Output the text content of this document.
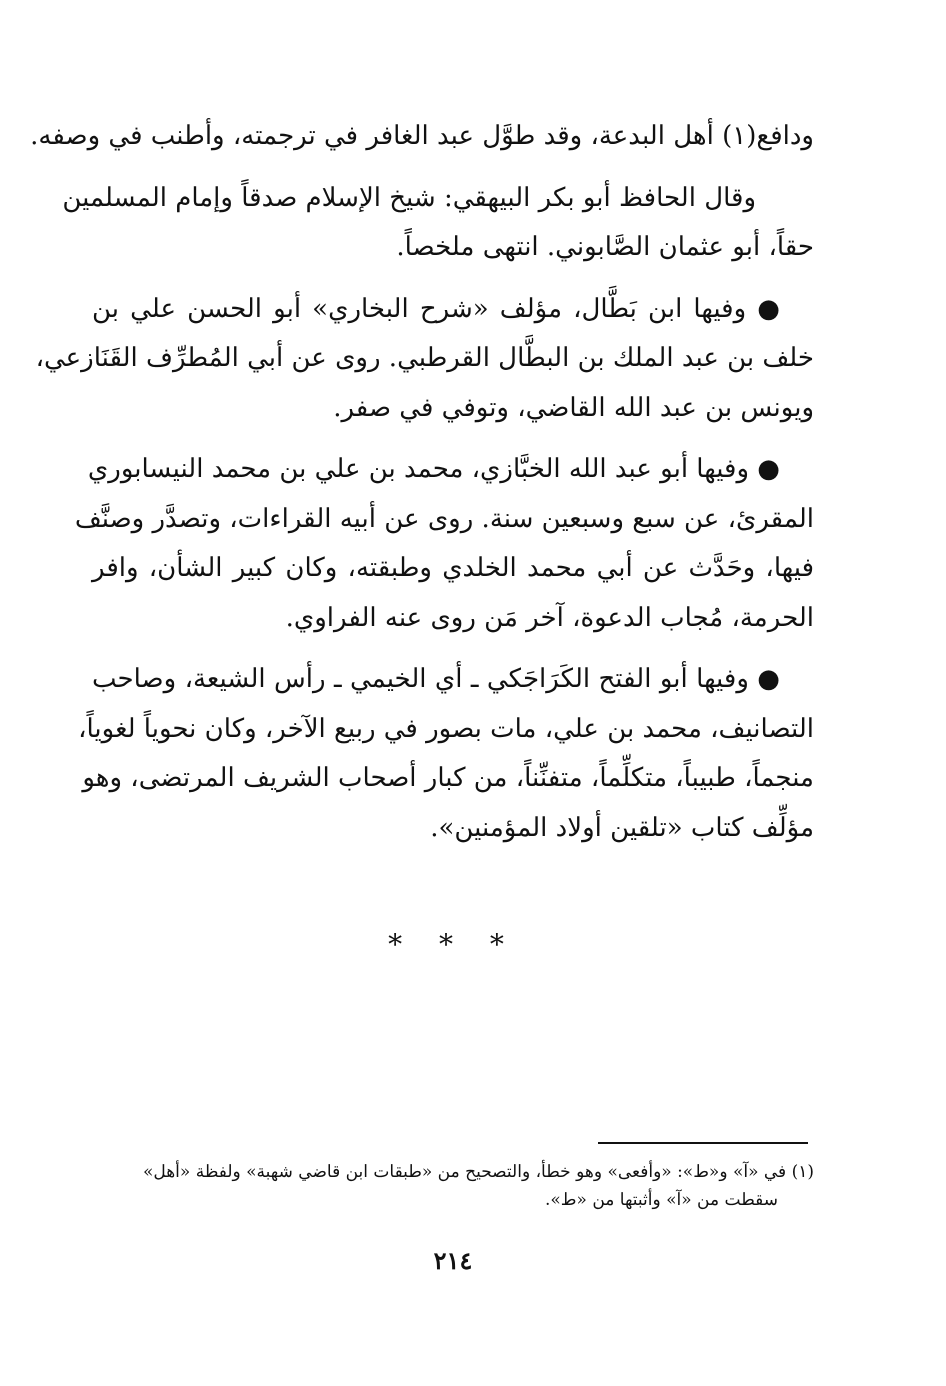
ودافع(١) أهل البدعة، وقد طوَّل عبد الغافر في ترجمته، وأطنب في وصفه.

وقال الحافظ أبو بكر البيهقي: شيخ الإسلام صدقاً وإمام المسلمين
حقاً، أبو عثمان الصَّابوني. انتهى ملخصاً.

● وفيها ابن بَطَّال، مؤلف «شرح البخاري» أبو الحسن علي بن
خلف بن عبد الملك بن البطَّال القرطبي. روى عن أبي المُطرِّف القَنَازعي،
ويونس بن عبد الله القاضي، وتوفي في صفر.

● وفيها أبو عبد الله الخبَّازي، محمد بن علي بن محمد النيسابوري
المقرئ، عن سبع وسبعين سنة. روى عن أبيه القراءات، وتصدَّر وصنَّف
فيها، وحَدَّث عن أبي محمد الخلدي وطبقته، وكان كبير الشأن، وافر
الحرمة، مُجاب الدعوة، آخر مَن روى عنه الفراوي.

● وفيها أبو الفتح الكَرَاجَكي ـ أي الخيمي ـ رأس الشيعة، وصاحب
التصانيف، محمد بن علي، مات بصور في ربيع الآخر، وكان نحوياً لغوياً،
منجماً، طبيباً، متكلِّماً، متفنِّناً، من كبار أصحاب الشريف المرتضى، وهو
مؤلِّف كتاب «تلقين أولاد المؤمنين».

* * *
(١) في «آ» و«ط»: «وأفعى» وهو خطأ، والتصحيح من «طبقات ابن قاضي شهبة» ولفظة «أهل»
سقطت من «آ» وأثبتها من «ط».
٢١٤
